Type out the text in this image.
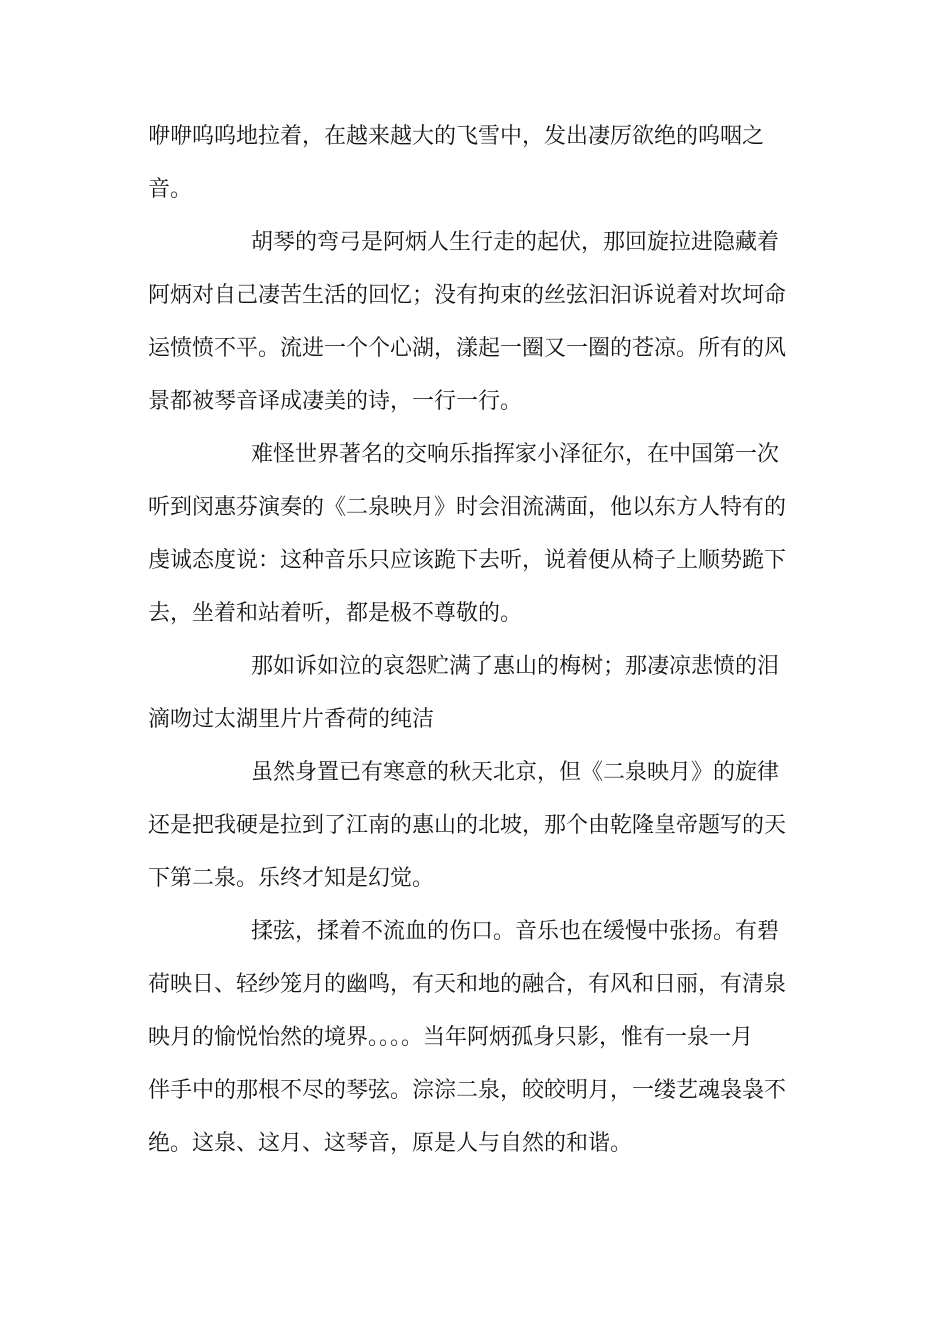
咿咿呜呜地拉着，在越来越大的飞雪中，发出凄厉欲绝的呜咽之
音。
胡琴的弯弓是阿炳人生行走的起伏，那回旋拉进隐藏着
阿炳对自己凄苦生活的回忆；没有拘束的丝弦汩汩诉说着对坎坷命
运愤愤不平。流进一个个心湖，漾起一圈又一圈的苍凉。所有的风
景都被琴音译成凄美的诗，一行一行。
难怪世界著名的交响乐指挥家小泽征尔，在中国第一次
听到闵惠芬演奏的《二泉映月》时会泪流满面，他以东方人特有的
虔诚态度说：这种音乐只应该跪下去听，说着便从椅子上顺势跪下
去，坐着和站着听，都是极不尊敬的。
那如诉如泣的哀怨贮满了惠山的梅树；那凄凉悲愤的泪
滴吻过太湖里片片香荷的纯洁
虽然身置已有寒意的秋天北京，但《二泉映月》的旋律
还是把我硬是拉到了江南的惠山的北坡，那个由乾隆皇帝题写的天
下第二泉。乐终才知是幻觉。
揉弦，揉着不流血的伤口。音乐也在缓慢中张扬。有碧
荷映日、轻纱笼月的幽鸣，有天和地的融合，有风和日丽，有清泉
映月的愉悦怡然的境界。。。。当年阿炳孤身只影，惟有一泉一月
伴手中的那根不尽的琴弦。淙淙二泉，皎皎明月，一缕艺魂袅袅不
绝。这泉、这月、这琴音，原是人与自然的和谐。
